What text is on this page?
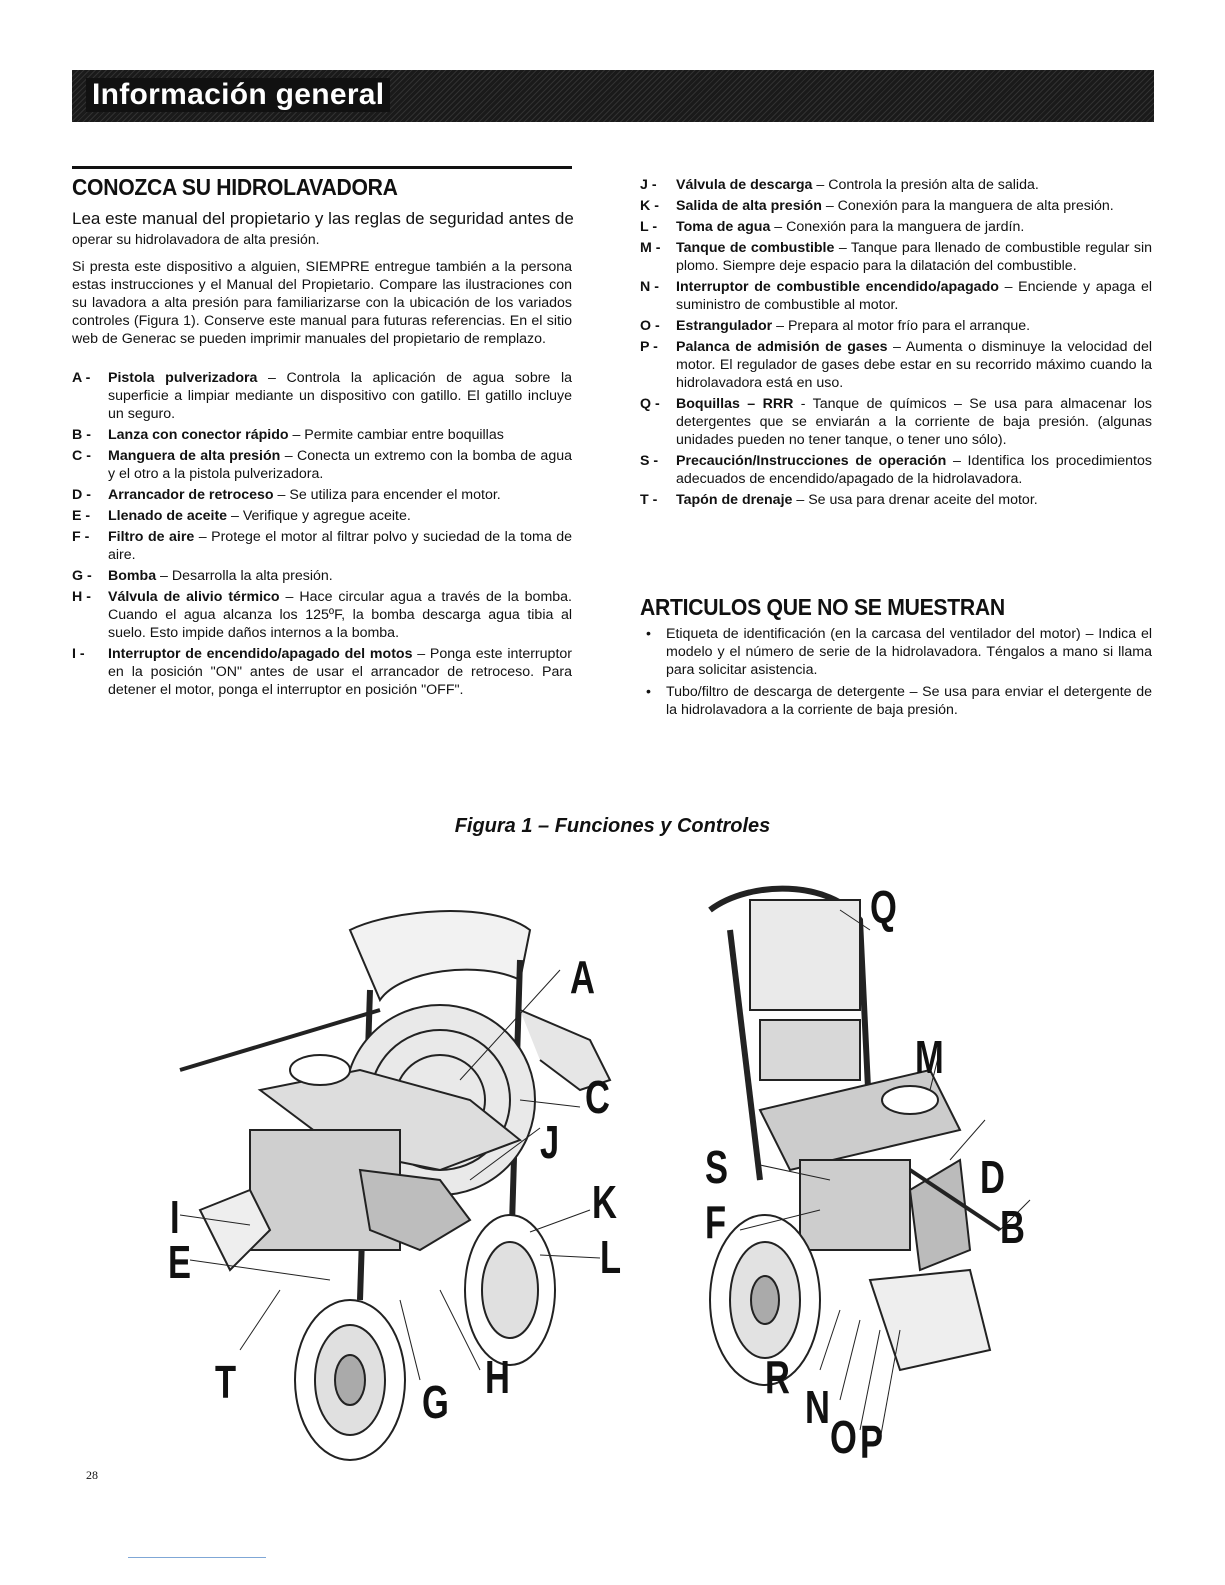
Información general
CONOZCA SU HIDROLAVADORA
Lea este manual del propietario y las reglas de seguridad antes de
operar su hidrolavadora de alta presión.
Si presta este dispositivo a alguien, SIEMPRE entregue también a la persona estas instrucciones y el Manual del Propietario. Compare las ilustraciones con su lavadora a alta presión para familiarizarse con la ubicación de los variados controles (Figura 1). Conserve este manual para futuras referencias. En el sitio web de Generac se pueden imprimir manuales del propietario de remplazo.
A - Pistola pulverizadora – Controla la aplicación de agua sobre la superficie a limpiar mediante un dispositivo con gatillo. El gatillo incluye un seguro.
B - Lanza con conector rápido – Permite cambiar entre boquillas
C - Manguera de alta presión – Conecta un extremo con la bomba de agua y el otro a la pistola pulverizadora.
D - Arrancador de retroceso – Se utiliza para encender el motor.
E - Llenado de aceite – Verifique y agregue aceite.
F - Filtro de aire – Protege el motor al filtrar polvo y suciedad de la toma de aire.
G - Bomba – Desarrolla la alta presión.
H - Válvula de alivio térmico – Hace circular agua a través de la bomba. Cuando el agua alcanza los 125ºF, la bomba descarga agua tibia al suelo. Esto impide daños internos a la bomba.
I - Interruptor de encendido/apagado del motos – Ponga este interruptor en la posición "ON" antes de usar el arrancador de retroceso. Para detener el motor, ponga el interruptor en posición "OFF".
J - Válvula de descarga – Controla la presión alta de salida.
K - Salida de alta presión – Conexión para la manguera de alta presión.
L - Toma de agua – Conexión para la manguera de jardín.
M - Tanque de combustible – Tanque para llenado de combustible regular sin plomo. Siempre deje espacio para la dilatación del combustible.
N - Interruptor de combustible encendido/apagado – Enciende y apaga el suministro de combustible al motor.
O - Estrangulador – Prepara al motor frío para el arranque.
P - Palanca de admisión de gases – Aumenta o disminuye la velocidad del motor. El regulador de gases debe estar en su recorrido máximo cuando la hidrolavadora está en uso.
Q - Boquillas – RRR - Tanque de químicos – Se usa para almacenar los detergentes que se enviarán a la corriente de baja presión. (algunas unidades pueden no tener tanque, o tener uno sólo).
S - Precaución/Instrucciones de operación – Identifica los procedimientos adecuados de encendido/apagado de la hidrolavadora.
T - Tapón de drenaje – Se usa para drenar aceite del motor.
ARTICULOS QUE NO SE MUESTRAN
• Etiqueta de identificación (en la carcasa del ventilador del motor) – Indica el modelo y el número de serie de la hidrolavadora. Téngalos a mano si llama para solicitar asistencia.
• Tubo/filtro de descarga de detergente – Se usa para enviar el detergente de la hidrolavadora a la corriente de baja presión.
Figura 1 – Funciones y Controles
A
C
J
K
L
I
E
T	G H
Q
M
S
F
D
B
R
N
O P
28
